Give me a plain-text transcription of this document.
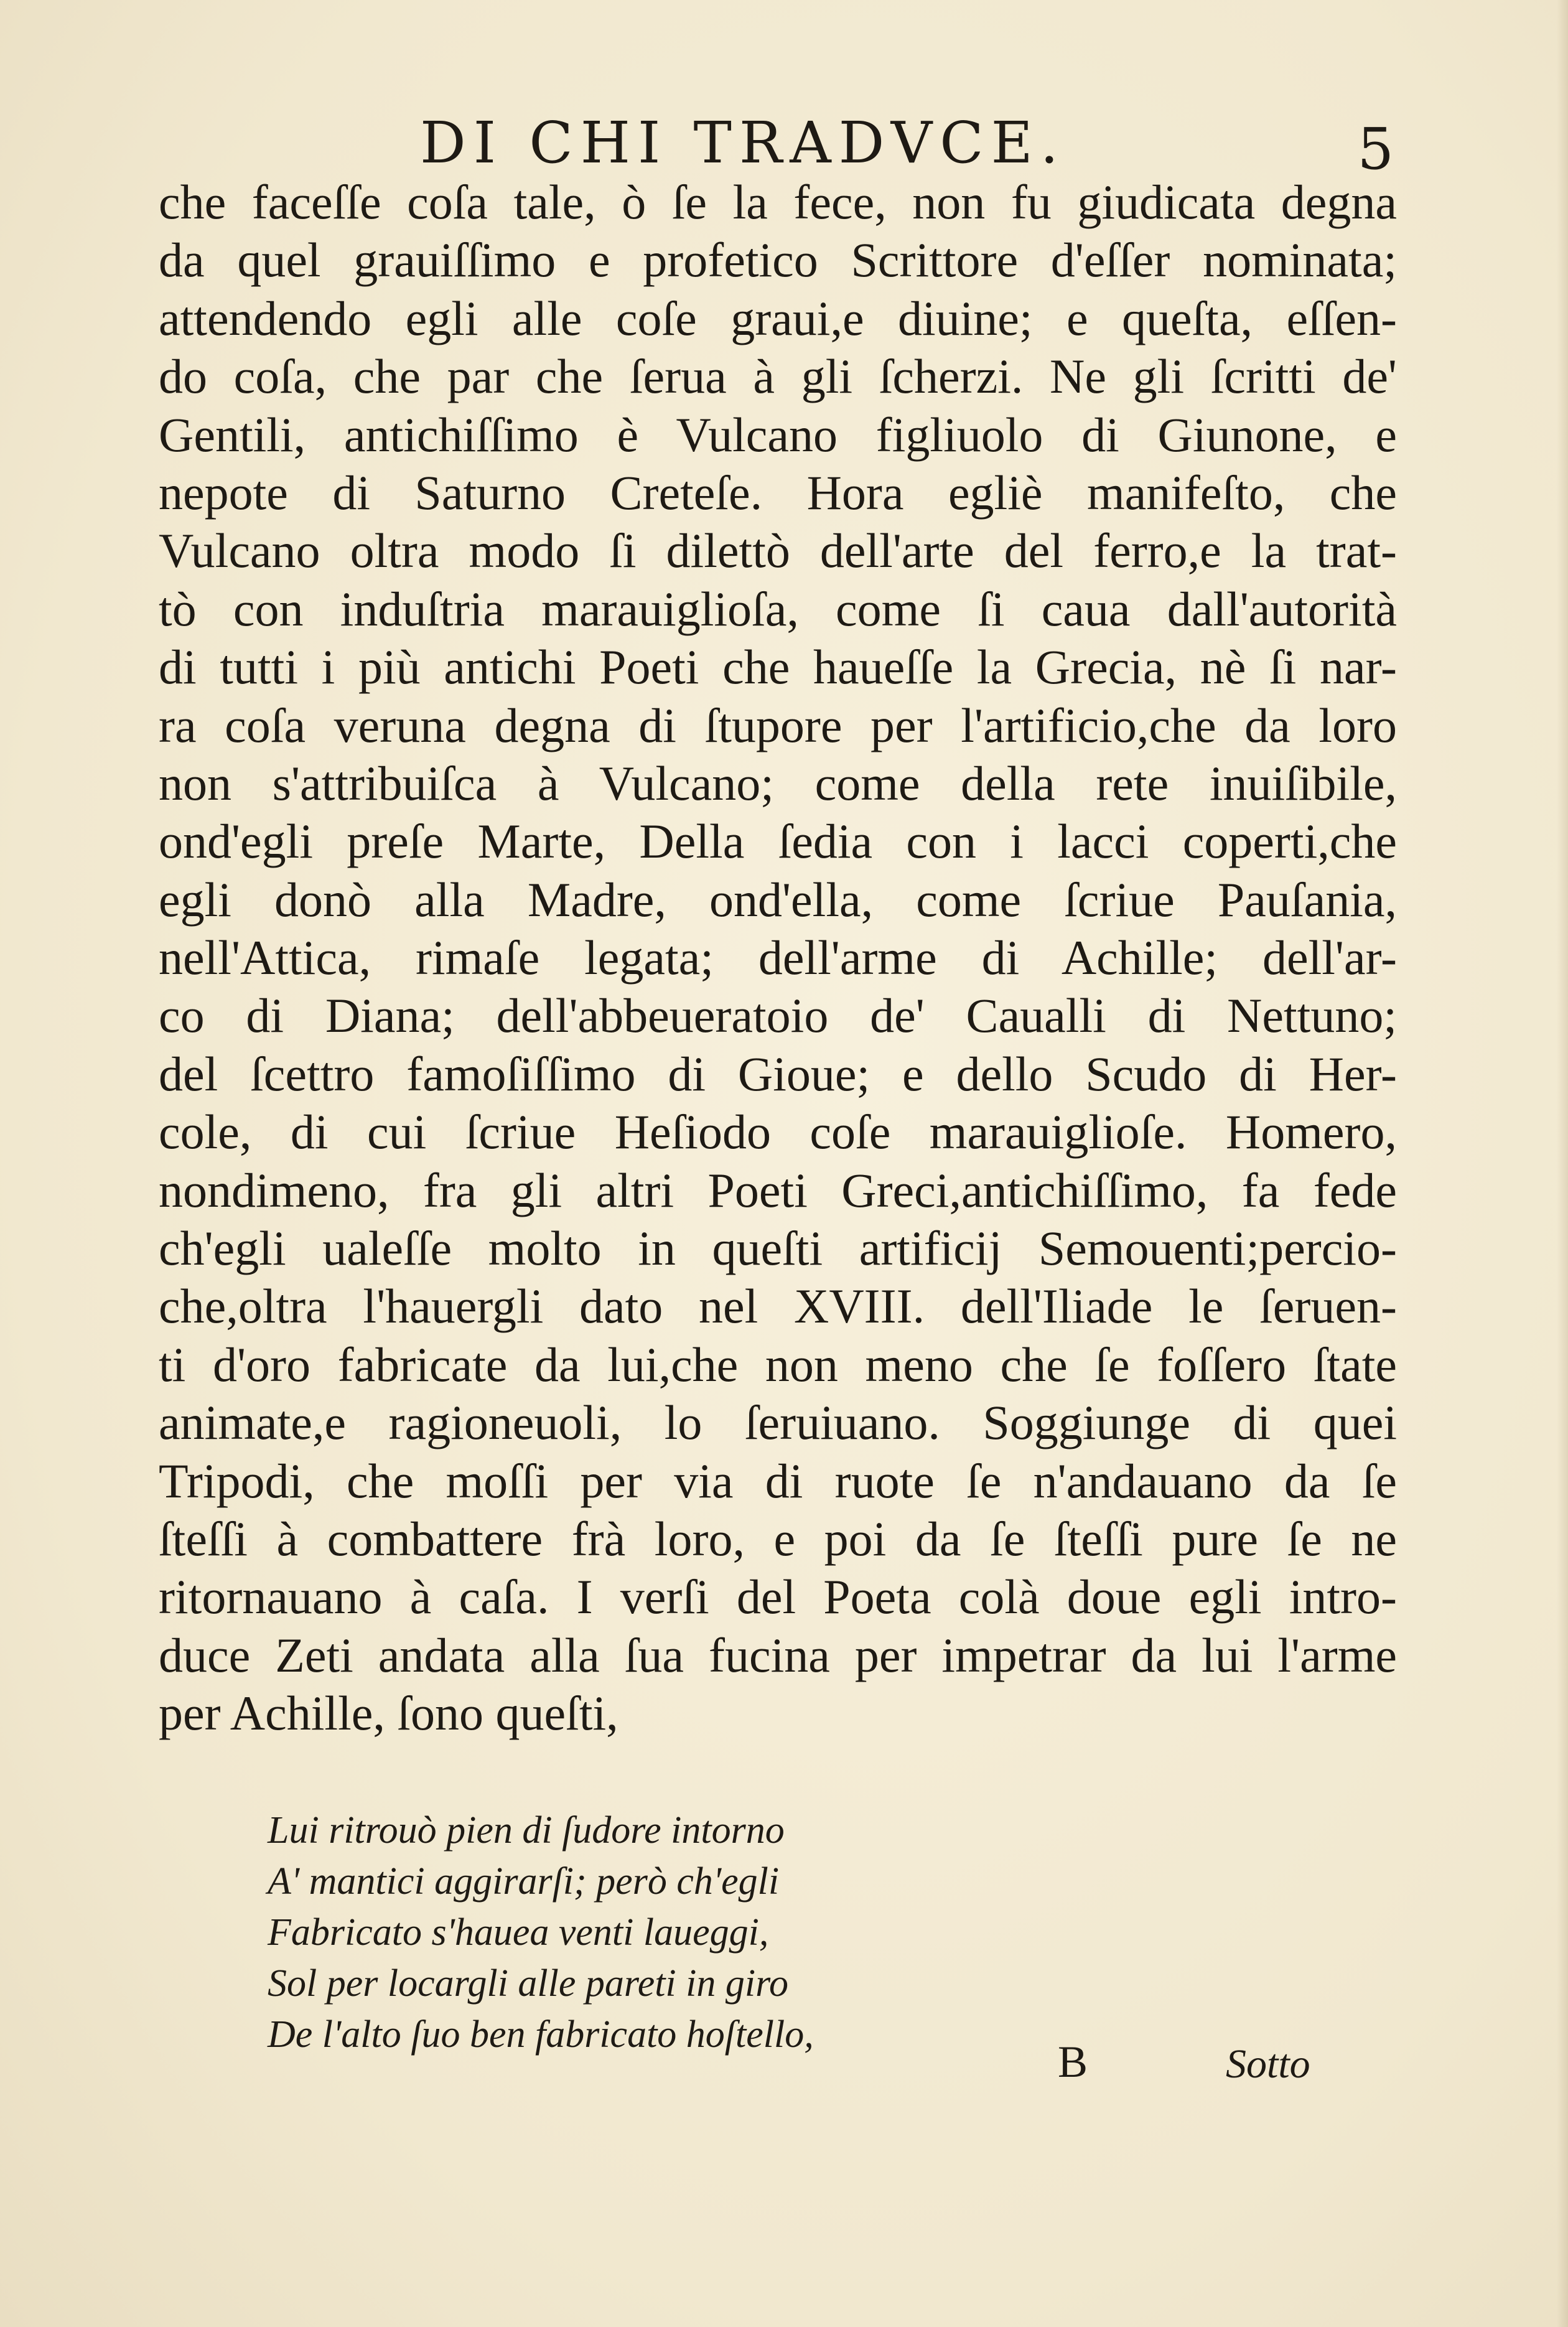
DI CHI TRADVCE.	5
che faceſſe coſa tale, ò ſe la fece, non fu giudicata degna
da quel grauiſſimo e profetico Scrittore d'eſſer nominata;
attendendo egli alle coſe graui,e diuine; e queſta, eſſen-
do coſa, che par che ſerua à gli ſcherzi. Ne gli ſcritti de'
Gentili, antichiſſimo è Vulcano figliuolo di Giunone, e
nepote di Saturno Creteſe. Hora egliè manifeſto, che
Vulcano oltra modo ſi dilettò dell'arte del ferro,e la trat-
tò con induſtria marauiglioſa, come ſi caua dall'autorità
di tutti i più antichi Poeti che haueſſe la Grecia, nè ſi nar-
ra coſa veruna degna di ſtupore per l'artificio,che da loro
non s'attribuiſca à Vulcano; come della rete inuiſibile,
ond'egli preſe Marte, Della ſedia con i lacci coperti,che
egli donò alla Madre, ond'ella, come ſcriue Pauſania,
nell'Attica, rimaſe legata; dell'arme di Achille; dell'ar-
co di Diana; dell'abbeueratoio de' Caualli di Nettuno;
del ſcettro famoſiſſimo di Gioue; e dello Scudo di Her-
cole, di cui ſcriue Heſiodo coſe marauiglioſe. Homero,
nondimeno, fra gli altri Poeti Greci,antichiſſimo, fa fede
ch'egli ualeſſe molto in queſti artificij Semouenti;percio-
che,oltra l'hauergli dato nel XVIII. dell'Iliade le ſeruen-
ti d'oro fabricate da lui,che non meno che ſe foſſero ſtate
animate,e ragioneuoli, lo ſeruiuano. Soggiunge di quei
Tripodi, che moſſi per via di ruote ſe n'andauano da ſe
ſteſſi à combattere frà loro, e poi da ſe ſteſſi pure ſe ne
ritornauano à caſa. I verſi del Poeta colà doue egli intro-
duce Zeti andata alla ſua fucina per impetrar da lui l'arme
per Achille, ſono queſti,
Lui ritrouò pien di ſudore intorno
A' mantici aggirarſi; però ch'egli
Fabricato s'hauea venti laueggi,
Sol per locargli alle pareti in giro
De l'alto ſuo ben fabricato hoſtello,
B	Sotto
